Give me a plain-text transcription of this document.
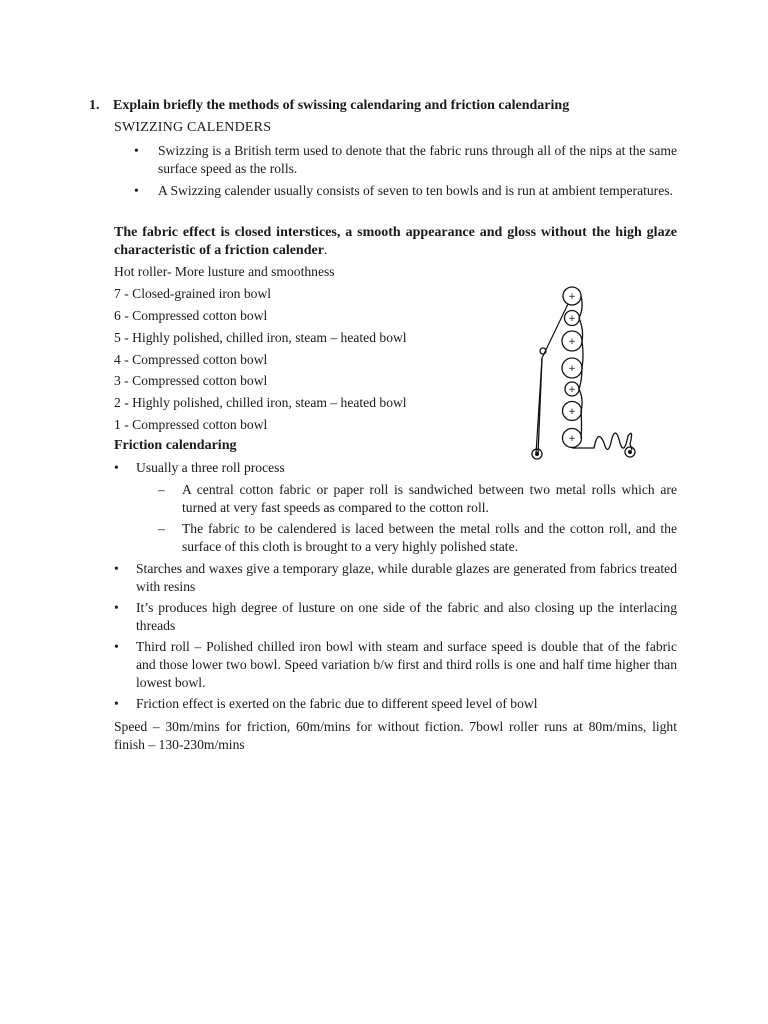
1. Explain briefly the methods of swissing calendaring and friction calendaring
SWIZZING CALENDERS
• Swizzing is a British term used to denote that the fabric runs through all of the nips at the same surface speed as the rolls.
• A Swizzing calender usually consists of seven to ten bowls and is run at ambient temperatures.
The fabric effect is closed interstices, a smooth appearance and gloss without the high glaze characteristic of a friction calender.
Hot roller- More lusture and smoothness
7 - Closed-grained iron bowl
6 - Compressed cotton bowl
5 - Highly polished, chilled iron, steam – heated bowl
4 - Compressed cotton bowl
3 - Compressed cotton bowl
2 - Highly polished, chilled iron, steam – heated bowl
1 - Compressed cotton bowl
+
+
+
+
+
+
+
Friction calendaring
• Usually a three roll process
– A central cotton fabric or paper roll is sandwiched between two metal rolls which are turned at very fast speeds as compared to the cotton roll.
– The fabric to be calendered is laced between the metal rolls and the cotton roll, and the surface of this cloth is brought to a very highly polished state.
• Starches and waxes give a temporary glaze, while durable glazes are generated from fabrics treated with resins
• It’s produces high degree of lusture on one side of the fabric and also closing up the interlacing threads
• Third roll – Polished chilled iron bowl with steam and surface speed is double that of the fabric and those lower two bowl. Speed variation b/w first and third rolls is one and half time higher than lowest bowl.
• Friction effect is exerted on the fabric due to different speed level of bowl
Speed – 30m/mins for friction, 60m/mins for without fiction. 7bowl roller runs at 80m/mins, light finish – 130-230m/mins
